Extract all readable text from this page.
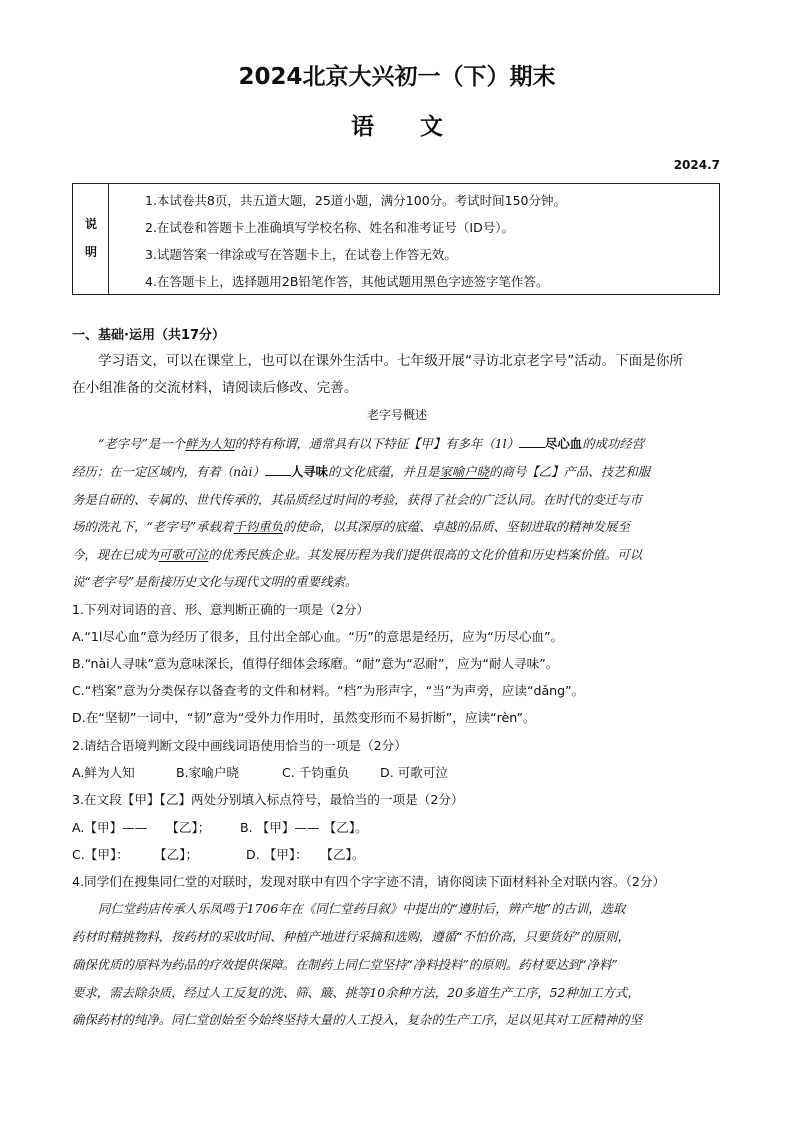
2024北京大兴初一（下）期末
语　　文
2024.7
说
明
1.本试卷共8页，共五道大题，25道小题，满分100分。考试时间150分钟。
2.在试卷和答题卡上准确填写学校名称、姓名和准考证号（ID号）。
3.试题答案一律涂或写在答题卡上，在试卷上作答无效。
4.在答题卡上，选择题用2B铅笔作答，其他试题用黑色字迹签字笔作答。
一、基础·运用（共17分）
学习语文，可以在课堂上，也可以在课外生活中。七年级开展“寻访北京老字号”活动。下面是你所
在小组准备的交流材料，请阅读后修改、完善。
老字号概述
“老字号”是一个鲜为人知的特有称谓，通常具有以下特征【甲】有多年（1l） 尽心血的成功经营
经历；在一定区域内，有着（nài） 人寻味的文化底蕴，并且是家喻户晓的商号【乙】产品、技艺和服
务是自研的、专属的、世代传承的，其品质经过时间的考验，获得了社会的广泛认同。在时代的变迁与市
场的洗礼下，“老字号”承载着千钧重负的使命，以其深厚的底蕴、卓越的品质、坚韧进取的精神发展至
今，现在已成为可歌可泣的优秀民族企业。其发展历程为我们提供很高的文化价值和历史档案价值。可以
说“老字号”是衔接历史文化与现代文明的重要线索。
1.下列对词语的音、形、意判断正确的一项是（2分）
A.“1l尽心血”意为经历了很多，且付出全部心血。“历”的意思是经历，应为“历尽心血”。
B.“nài人寻味”意为意味深长，值得仔细体会琢磨。“耐”意为“忍耐”，应为“耐人寻味”。
C.“档案”意为分类保存以备查考的文件和材料。“档”为形声字，“当”为声旁，应读“dǎng”。
D.在“坚韧”一词中，“韧”意为“受外力作用时，虽然变形而不易折断”，应读“rèn”。
2.请结合语境判断文段中画线词语使用恰当的一项是（2分）
A.鲜为人知	B.家喻户晓	C. 千钧重负 D. 可歌可泣
3.在文段【甲】【乙】两处分别填入标点符号，最恰当的一项是（2分）
A.【甲】——　　【乙】； B. 【甲】—— 【乙】。
C.【甲】：　　　【乙】；	D. 【甲】：　　【乙】。
4.同学们在搜集同仁堂的对联时，发现对联中有四个字字迹不清，请你阅读下面材料补全对联内容。（2分）
同仁堂药店传承人乐凤鸣于1706年在《同仁堂药目叙》中提出的“遵肘后，辨产地”的古训，选取
药材时精挑物料，按药材的采收时间、种植产地进行采摘和选购，遵循“不怕价高，只要货好”的原则，
确保优质的原料为药品的疗效提供保障。在制药上同仁堂坚持“净料投料”的原则。药材要达到“净料”
要求，需去除杂质，经过人工反复的洗、筛、簸、挑等10余种方法，20多道生产工序，52种加工方式，
确保药材的纯净。同仁堂创始至今始终坚持大量的人工投入，复杂的生产工序，足以见其对工匠精神的坚
